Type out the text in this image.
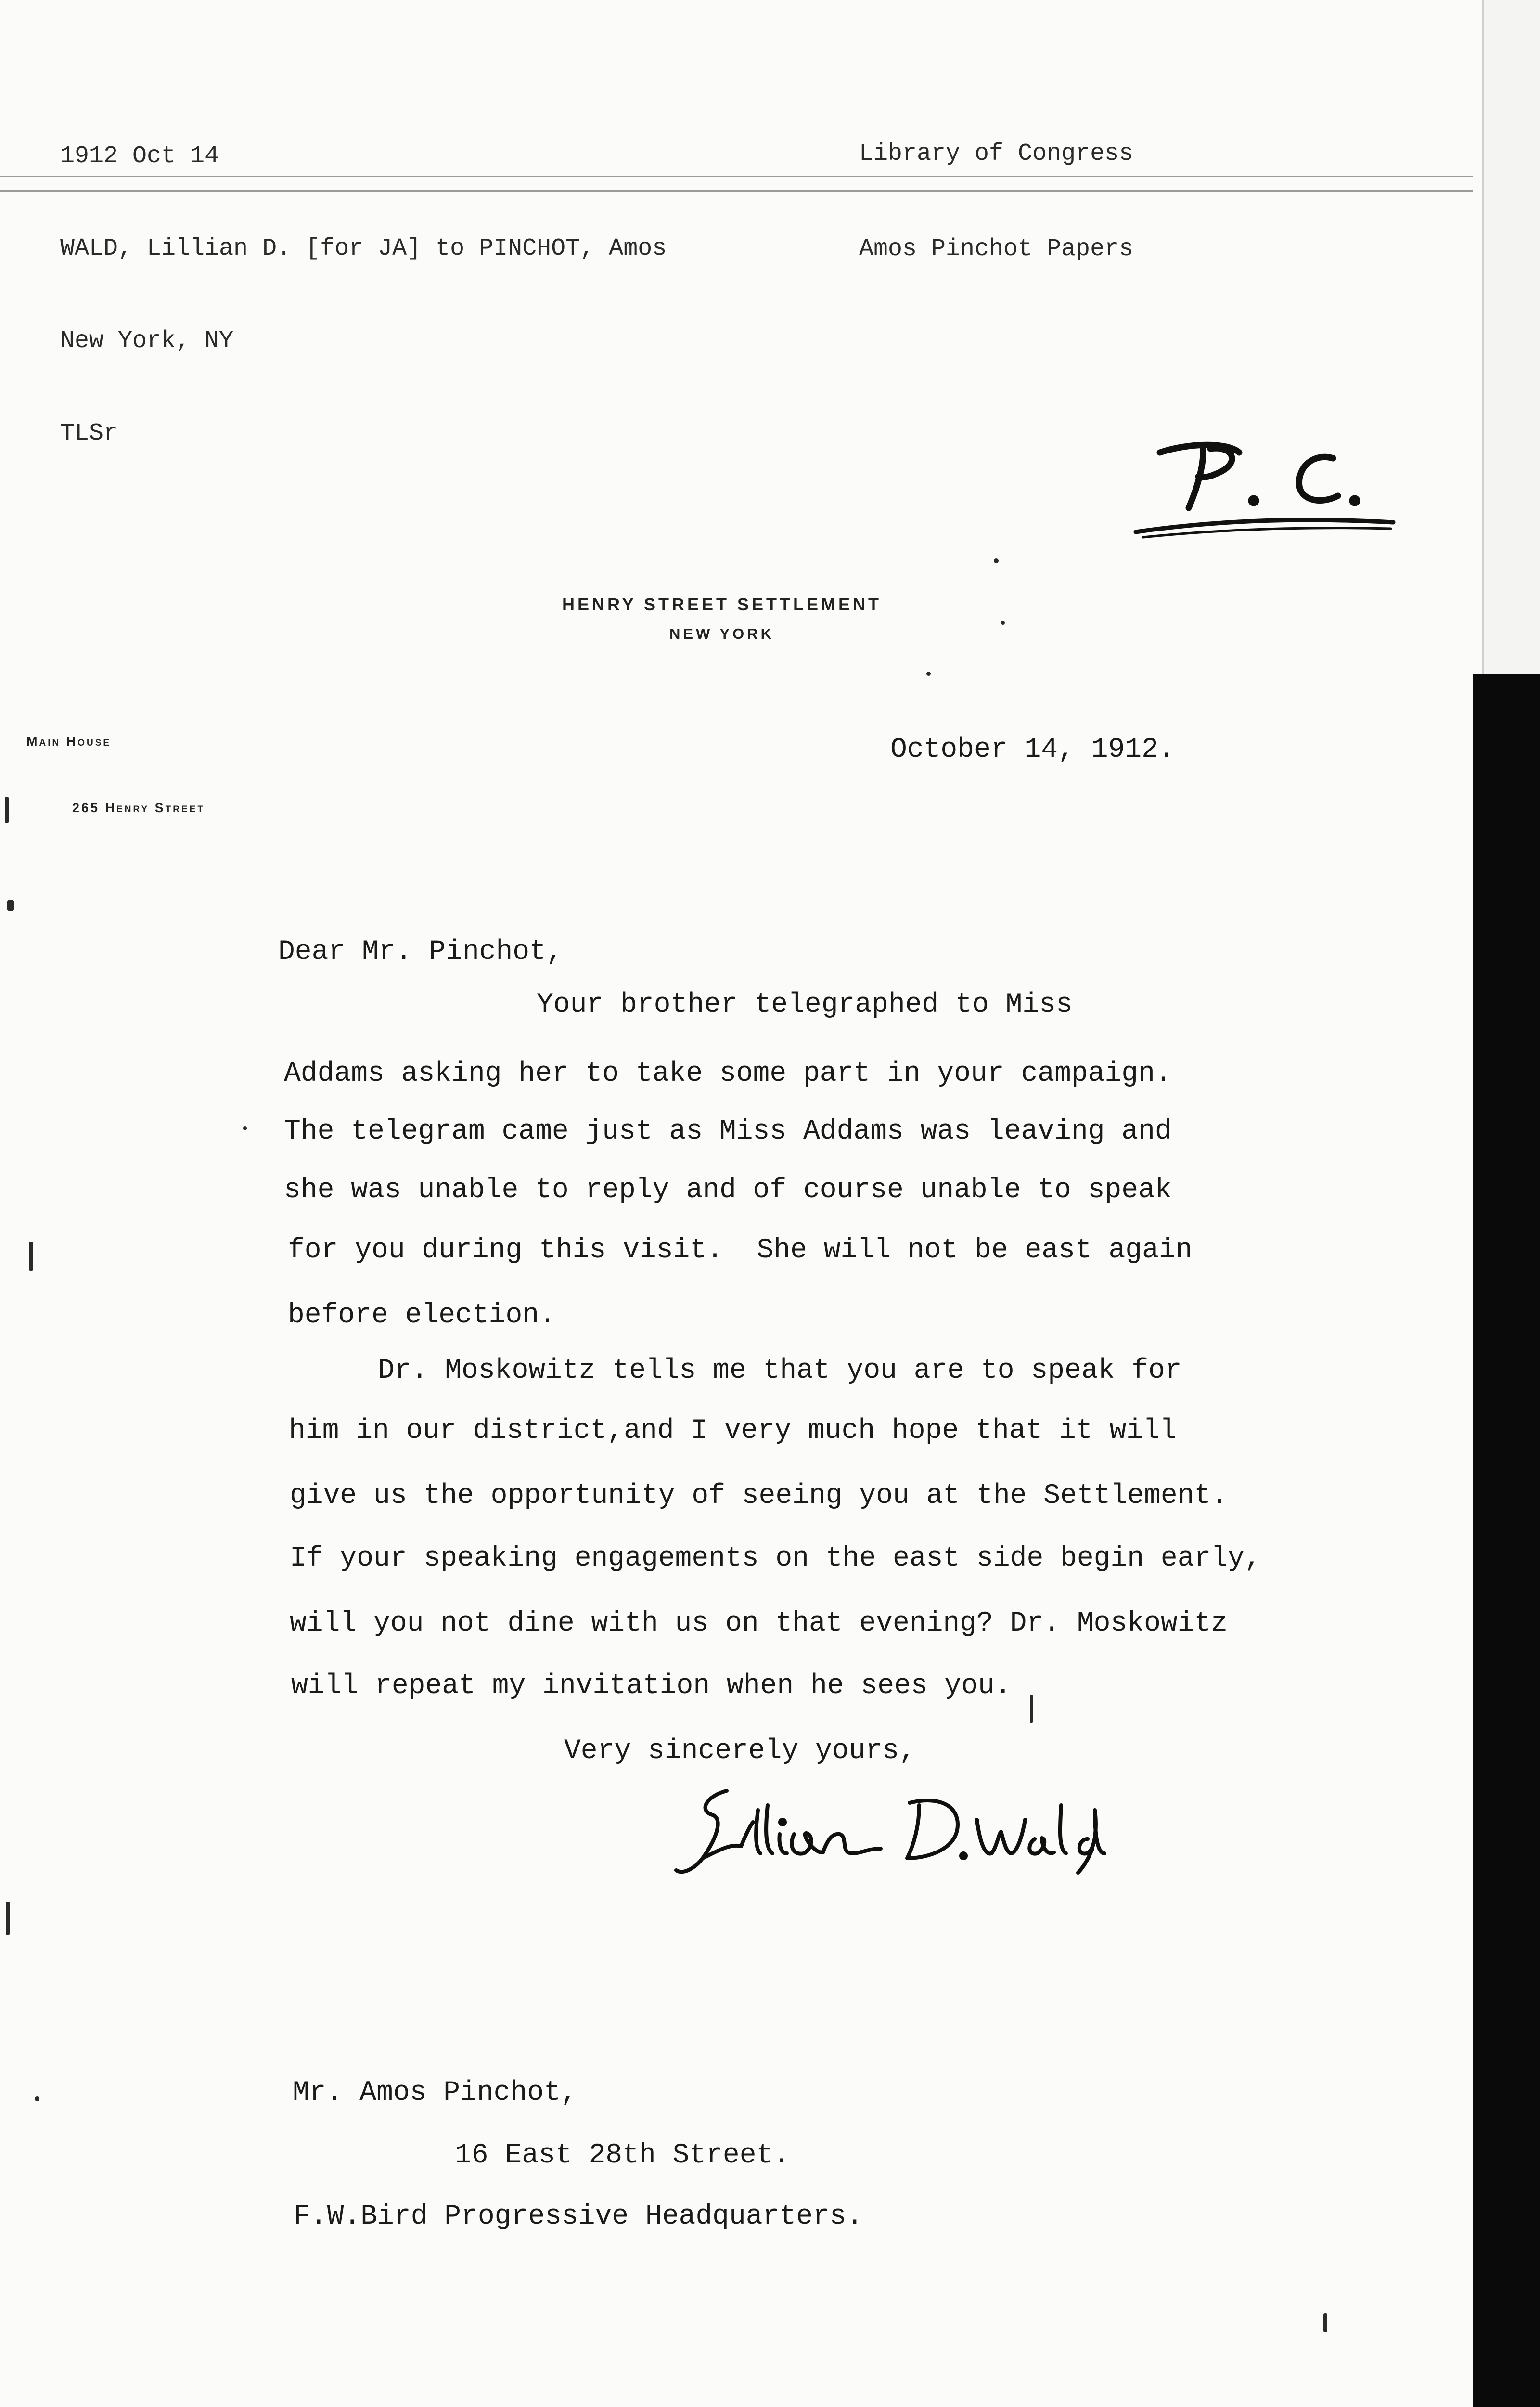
1912 Oct 14

WALD, Lillian D. [for JA] to PINCHOT, Amos

New York, NY

TLSr

Library of Congress

Amos Pinchot Papers

HENRY STREET SETTLEMENT
NEW YORK

Main House

265 Henry Street

October 14, 1912.
Dear Mr. Pinchot,
Your brother telegraphed to Miss
Addams asking her to take some part in your campaign.
The telegram came just as Miss Addams was leaving and
she was unable to reply and of course unable to speak
for you during this visit.  She will not be east again
before election.
Dr. Moskowitz tells me that you are to speak for
him in our district,and I very much hope that it will
give us the opportunity of seeing you at the Settlement.
If your speaking engagements on the east side begin early,
will you not dine with us on that evening? Dr. Moskowitz
will repeat my invitation when he sees you.
Very sincerely yours,
Mr. Amos Pinchot,
16 East 28th Street.
F.W.Bird Progressive Headquarters.
